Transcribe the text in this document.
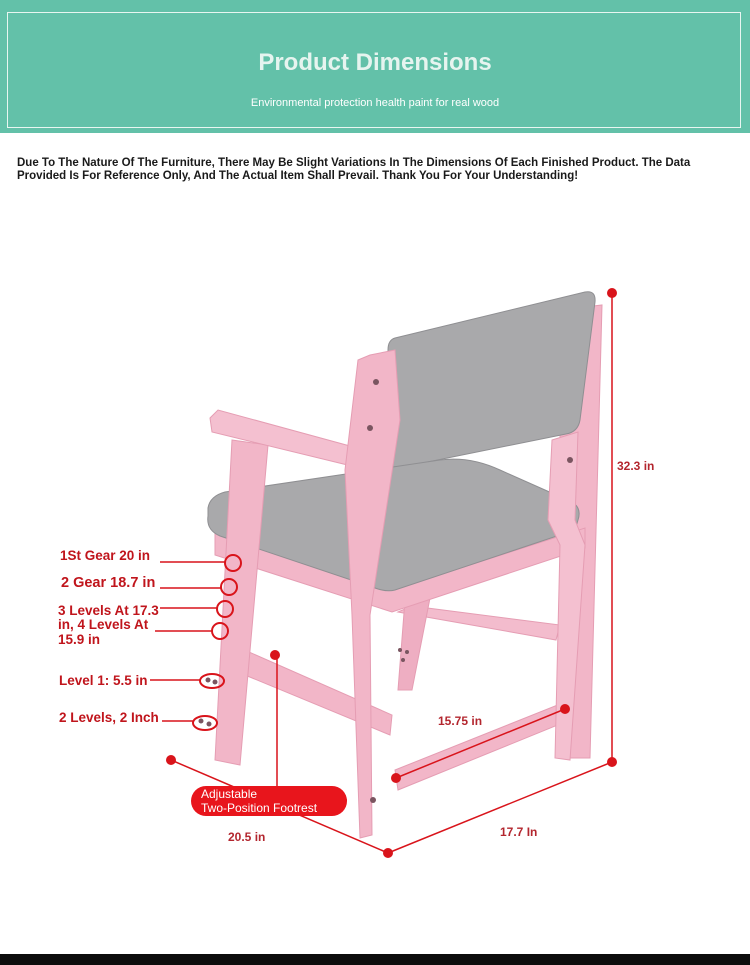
Product Dimensions
Environmental protection health paint for real wood
Due To The Nature Of The Furniture, There May Be Slight Variations In The Dimensions Of Each Finished Product. The Data Provided Is For Reference Only, And The Actual Item Shall Prevail. Thank You For Your Understanding!
1St Gear 20 in
2 Gear 18.7 in
3 Levels At 17.3
in, 4 Levels At
15.9 in
Level 1: 5.5 in
2 Levels, 2 Inch
Adjustable
Two-Position Footrest
32.3 in
15.75 in
20.5 in	17.7 In
